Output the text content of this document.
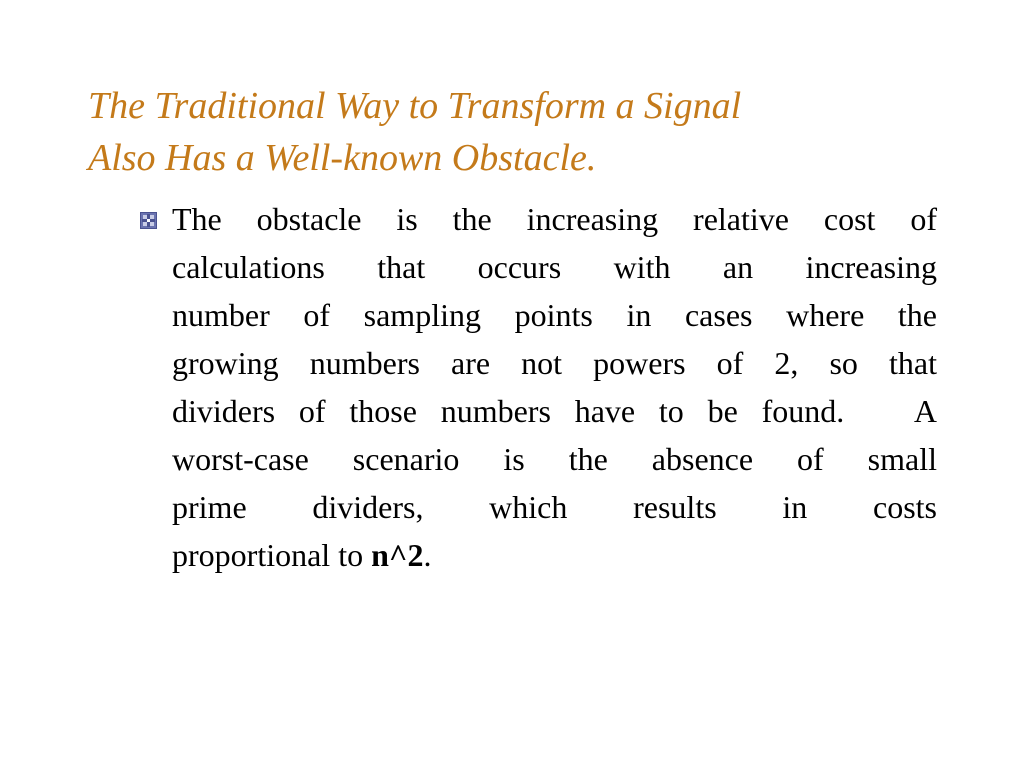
The Traditional Way to Transform a Signal
Also Has a Well-known Obstacle.
The obstacle is the increasing relative cost of
calculations that occurs with an increasing
number of sampling points in cases where the
growing numbers are not powers of 2, so that
dividers of those numbers have to be found.   A
worst-case scenario is the absence of small
prime dividers, which results in costs
proportional to n^2.
